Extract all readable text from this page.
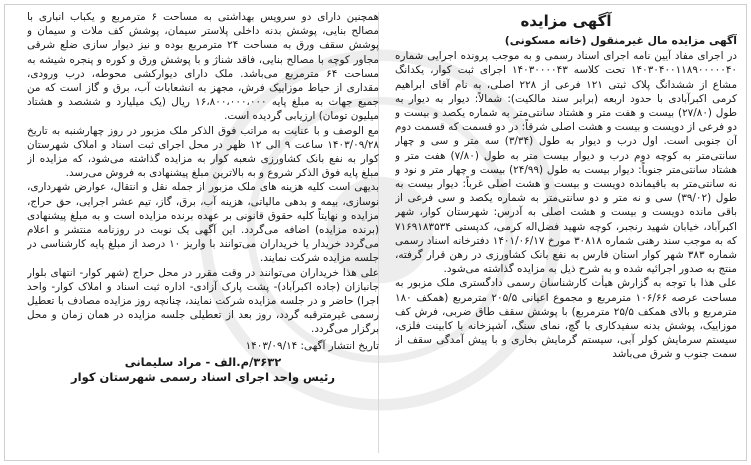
آگهی مزایده
آگهی مزایده مال غیرمنقول (خانه مسکونی)

در اجرای مفاد آیین نامه اجرای اسناد رسمی و به موجب پرونده اجرایی شماره ۱۴۰۳۰۴۰۰۱۱۸۹۰۰۰۰۰۴۰ تحت کلاسه ۱۴۰۳۰۰۰۰۴۳ اجرای ثبت کوار، یکدانگ مشاع از ششدانگ پلاک ثبتی ۱۲۱ فرعی از ۲۲۸ اصلی، به نام آقای ابراهیم کرمی اکبرآبادی با حدود اربعه (برابر سند مالکیت): شمالاً: دیوار به دیوار به طول (۲۷/۸۰) بیست و هفت متر و هشتاد سانتی‌متر به شماره یکصد و بیست و دو فرعی از دویست و بیست و هشت اصلی شرقاً: در دو قسمت که قسمت دوم آن جنوبی است. اول درب و دیوار به طول (۳/۳۴) سه متر و سی و چهار سانتی‌متر به کوچه دوم درب و دیوار بیست متر به طول (۷/۸۰) هفت متر و هشتاد سانتی‌متر جنوباً: دیوار بیست به طول (۲۴/۹۹) بیست و چهار متر و نود و نه سانتی‌متر به باقیمانده دویست و بیست و هشت اصلی غرباً: دیوار بیست به طول (۳۹/۰۲) سی و نه متر و دو سانتی‌متر به شماره یکصد و سی فرعی از باقی مانده دویست و بیست و هشت اصلی به آدرس: شهرستان کوار، شهر اکبرآباد، خیابان شهید رنجبر، کوچه شهید فضل‌اله کرمی، کدپستی ۷۱۶۹۱۸۳۵۳۴ که به موجب سند رهنی شماره ۳۰۸۱۸ مورخ ۱۴۰۱/۰۶/۱۷ دفترخانه اسناد رسمی شماره ۳۸۳ شهر کوار استان فارس به نفع بانک کشاورزی در رهن قرار گرفته، منتج به صدور اجرائیه شده و به شرح ذیل به مزایده گذاشته می‌شود.

علی هذا با توجه به گزارش هیأت کارشناسان رسمی دادگستری ملک مزبور به مساحت عرصه ۱۰۶/۶۶ مترمربع و مجموع اعیانی ۲۰۵/۵ مترمربع (همکف ۱۸۰ مترمربع و بالای همکف ۲۵/۵ مترمربع) با پوشش سقف طاق ضربی، فرش کف موزاییک، پوشش بدنه سفیدکاری با گچ، نمای سنگ، آشپزخانه با کابینت فلزی، سیستم سرمایش کولر آبی، سیستم گرمایش بخاری و با پیش آمدگی سقف از سمت جنوب و شرق می‌باشد

همچنین دارای دو سرویس بهداشتی به مساحت ۶ مترمربع و یکباب انباری با مصالح بنایی، پوشش بدنه داخلی پلاستر سیمان، پوشش کف ملات و سیمان و پوشش سقف ورق به مساحت ۲۴ مترمربع بوده و نیز دیوار سازی ضلع شرقی مجاور کوچه با مصالح بنایی، فاقد شناژ و با پوشش ورق و کوره و پنجره شیشه به مساحت ۶۴ مترمربع می‌باشد. ملک دارای دیوارکشی محوطه، درب ورودی، مقداری از حیاط موزاییک فرش، مجهز به انشعابات آب، برق و گاز است که من جمیع جهات به مبلغ پایه ۱۶،۸۰۰،۰۰۰،۰۰۰ ریال (یک میلیارد و ششصد و هشتاد میلیون تومان) ارزیابی گردیده است.

مع الوصف و با عنایت به مراتب فوق الذکر ملک مزبور در روز چهارشنبه به تاریخ ۱۴۰۳/۰۹/۲۸ ساعت ۹ الی ۱۲ ظهر در محل اجرای ثبت اسناد و املاک شهرستان کوار به نفع بانک کشاورزی شعبه کوار به مزایده گذاشته می‌شود، که مزایده از مبلغ پایه فوق الذکر شروع و به بالاترین مبلغ پیشنهادی به فروش می‌رسد.

بدیهی است کلیه هزینه های ملک مزبور از جمله نقل و انتقال، عوارض شهرداری، نوسازی، بیمه و بدهی مالیاتی، هزینه آب، برق، گاز، تیم عشر اجرایی، حق حراج، مزایده و نهایتاً کلیه حقوق قانونی بر عهده برنده مزایده است و به مبلغ پیشنهادی (برنده مزایده) اضافه می‌گردد. این آگهی یک نوبت در روزنامه منتشر و اعلام می‌گردد خریدار یا خریداران می‌توانند با واریز ۱۰ درصد از مبلغ پایه کارشناسی در جلسه مزایده شرکت نمایند.

علی هذا خریداران می‌توانند در وقت مقرر در محل حراج (شهر کوار- انتهای بلوار جانبازان (جاده اکبرآباد)- پشت پارک آزادی- اداره ثبت اسناد و املاک کوار- واحد اجرا) حاضر و در جلسه مزایده شرکت نمایند، چنانچه روز مزایده مصادف با تعطیل رسمی غیرمترقبه گردد، روز بعد از تعطیلی جلسه مزایده در همان زمان و محل برگزار می‌گردد.

تاریخ انتشار آگهی: ۱۴۰۳/۰۹/۱۴
۳۶۳۲/م.الف - مراد سلیمانی
رئیس واحد اجرای اسناد رسمی شهرستان کوار
